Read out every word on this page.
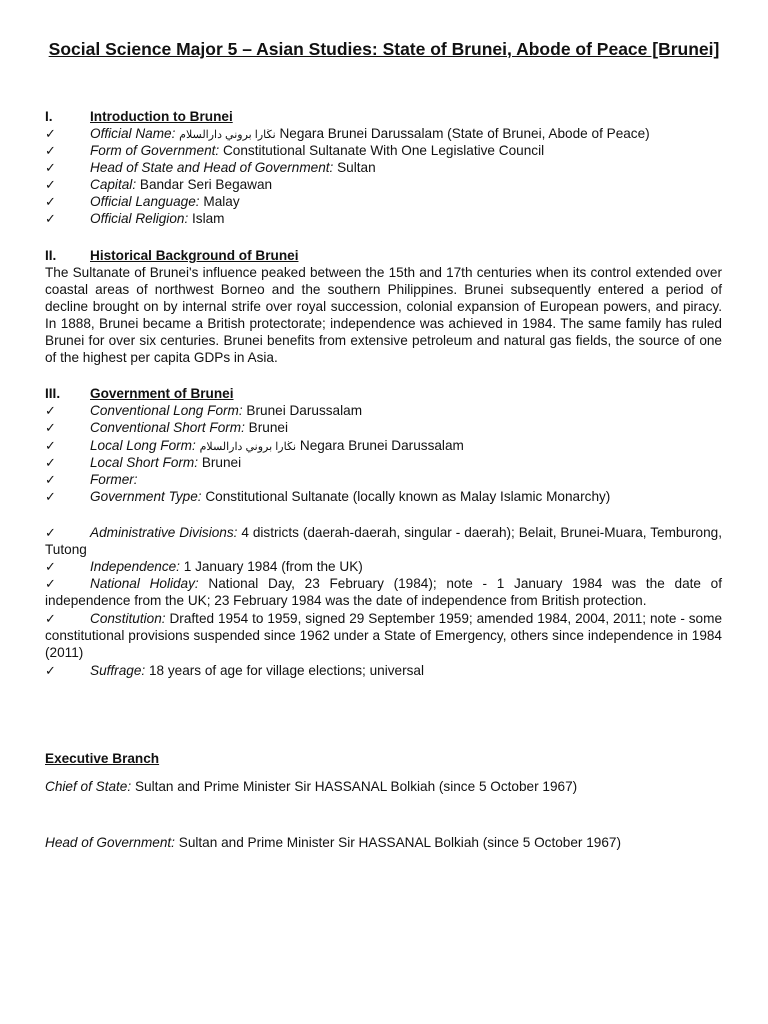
Social Science Major 5 – Asian Studies: State of Brunei, Abode of Peace [Brunei]
I.	Introduction to Brunei
✓	Official Name: نڬارا بروني دارالسلام Negara Brunei Darussalam (State of Brunei, Abode of Peace)
✓	Form of Government: Constitutional Sultanate With One Legislative Council
✓	Head of State and Head of Government: Sultan
✓	Capital: Bandar Seri Begawan
✓	Official Language: Malay
✓	Official Religion: Islam
II. Historical Background of Brunei
The Sultanate of Brunei's influence peaked between the 15th and 17th centuries when its control extended over coastal areas of northwest Borneo and the southern Philippines. Brunei subsequently entered a period of decline brought on by internal strife over royal succession, colonial expansion of European powers, and piracy. In 1888, Brunei became a British protectorate; independence was achieved in 1984. The same family has ruled Brunei for over six centuries. Brunei benefits from extensive petroleum and natural gas fields, the source of one of the highest per capita GDPs in Asia.
III. Government of Brunei
✓	Conventional Long Form: Brunei Darussalam
✓	Conventional Short Form: Brunei
✓	Local Long Form: نڬارا بروني دارالسلام Negara Brunei Darussalam
✓	Local Short Form: Brunei
✓	Former:
✓	Government Type: Constitutional Sultanate (locally known as Malay Islamic Monarchy)
✓	Administrative Divisions: 4 districts (daerah-daerah, singular - daerah); Belait, Brunei-Muara, Temburong, Tutong
✓	Independence: 1 January 1984 (from the UK)
✓	National Holiday: National Day, 23 February (1984); note - 1 January 1984 was the date of independence from the UK; 23 February 1984 was the date of independence from British protection.
✓	Constitution: Drafted 1954 to 1959, signed 29 September 1959; amended 1984, 2004, 2011; note - some constitutional provisions suspended since 1962 under a State of Emergency, others since independence in 1984 (2011)
✓	Suffrage: 18 years of age for village elections; universal
Executive Branch
Chief of State: Sultan and Prime Minister Sir HASSANAL Bolkiah (since 5 October 1967)
Head of Government: Sultan and Prime Minister Sir HASSANAL Bolkiah (since 5 October 1967)
